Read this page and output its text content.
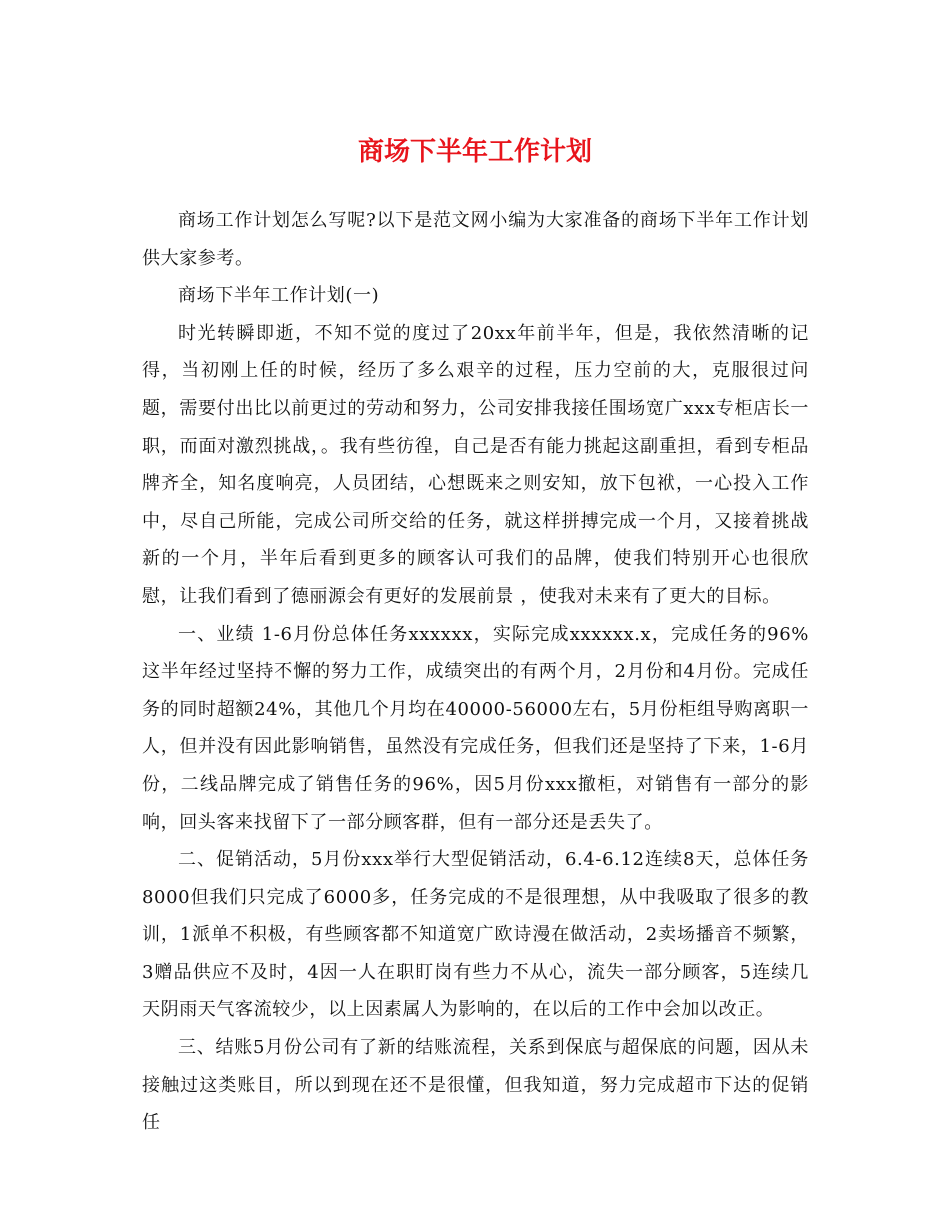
商场下半年工作计划

商场工作计划怎么写呢?以下是范文网小编为大家准备的商场下半年工作计划供大家参考。

商场下半年工作计划(一)

时光转瞬即逝，不知不觉的度过了20xx年前半年，但是，我依然清晰的记得，当初刚上任的时候，经历了多么艰辛的过程，压力空前的大，克服很过问题，需要付出比以前更过的劳动和努力，公司安排我接任围场宽广xxx专柜店长一职，而面对激烈挑战，。我有些彷徨，自己是否有能力挑起这副重担，看到专柜品牌齐全，知名度响亮，人员团结，心想既来之则安知，放下包袱，一心投入工作中，尽自己所能，完成公司所交给的任务，就这样拼搏完成一个月，又接着挑战新的一个月，半年后看到更多的顾客认可我们的品牌，使我们特别开心也很欣慰，让我们看到了德丽源会有更好的发展前景 ，使我对未来有了更大的目标。

一、业绩 1-6月份总体任务xxxxxx，实际完成xxxxxx.x，完成任务的96%这半年经过坚持不懈的努力工作，成绩突出的有两个月，2月份和4月份。完成任务的同时超额24%，其他几个月均在40000-56000左右，5月份柜组导购离职一人，但并没有因此影响销售，虽然没有完成任务，但我们还是坚持了下来，1-6月份，二线品牌完成了销售任务的96%，因5月份xxx撤柜，对销售有一部分的影响，回头客来找留下了一部分顾客群，但有一部分还是丢失了。

二、促销活动，5月份xxx举行大型促销活动，6.4-6.12连续8天，总体任务8000但我们只完成了6000多，任务完成的不是很理想，从中我吸取了很多的教训，1派单不积极，有些顾客都不知道宽广欧诗漫在做活动，2卖场播音不频繁，3赠品供应不及时，4因一人在职盯岗有些力不从心，流失一部分顾客，5连续几天阴雨天气客流较少，以上因素属人为影响的，在以后的工作中会加以改正。

三、结账5月份公司有了新的结账流程，关系到保底与超保底的问题，因从未接触过这类账目，所以到现在还不是很懂，但我知道，努力完成超市下达的促销任
